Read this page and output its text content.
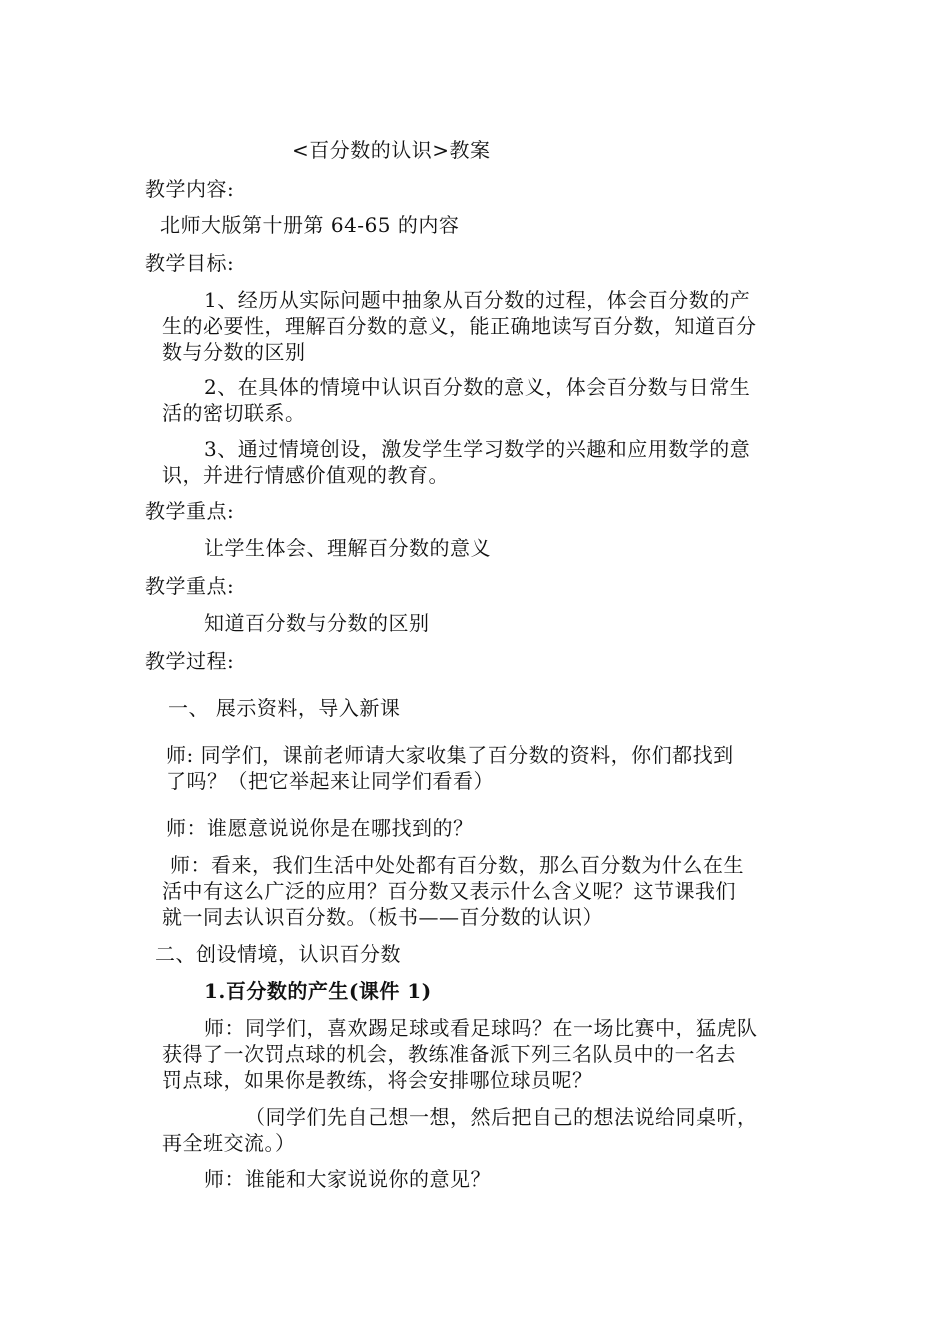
<百分数的认识>教案
教学内容:
北师大版第十册第 64-65 的内容
教学目标:
1、经历从实际问题中抽象从百分数的过程，体会百分数的产
生的必要性，理解百分数的意义，能正确地读写百分数，知道百分
数与分数的区别
2、在具体的情境中认识百分数的意义，体会百分数与日常生
活的密切联系。
3、通过情境创设，激发学生学习数学的兴趣和应用数学的意
识，并进行情感价值观的教育。
教学重点:
让学生体会、理解百分数的意义
教学重点:
知道百分数与分数的区别
教学过程:
一、 展示资料，导入新课
师: 同学们，课前老师请大家收集了百分数的资料，你们都找到
了吗？（把它举起来让同学们看看）
师：谁愿意说说你是在哪找到的？
师：看来，我们生活中处处都有百分数，那么百分数为什么在生
活中有这么广泛的应用？百分数又表示什么含义呢？这节课我们
就一同去认识百分数。（板书——百分数的认识）
二、创设情境，认识百分数
1.百分数的产生(课件 1)
师：同学们，喜欢踢足球或看足球吗？在一场比赛中，猛虎队
获得了一次罚点球的机会，教练准备派下列三名队员中的一名去
罚点球，如果你是教练，将会安排哪位球员呢？
（同学们先自己想一想，然后把自己的想法说给同桌听，
再全班交流。）
师：谁能和大家说说你的意见？
